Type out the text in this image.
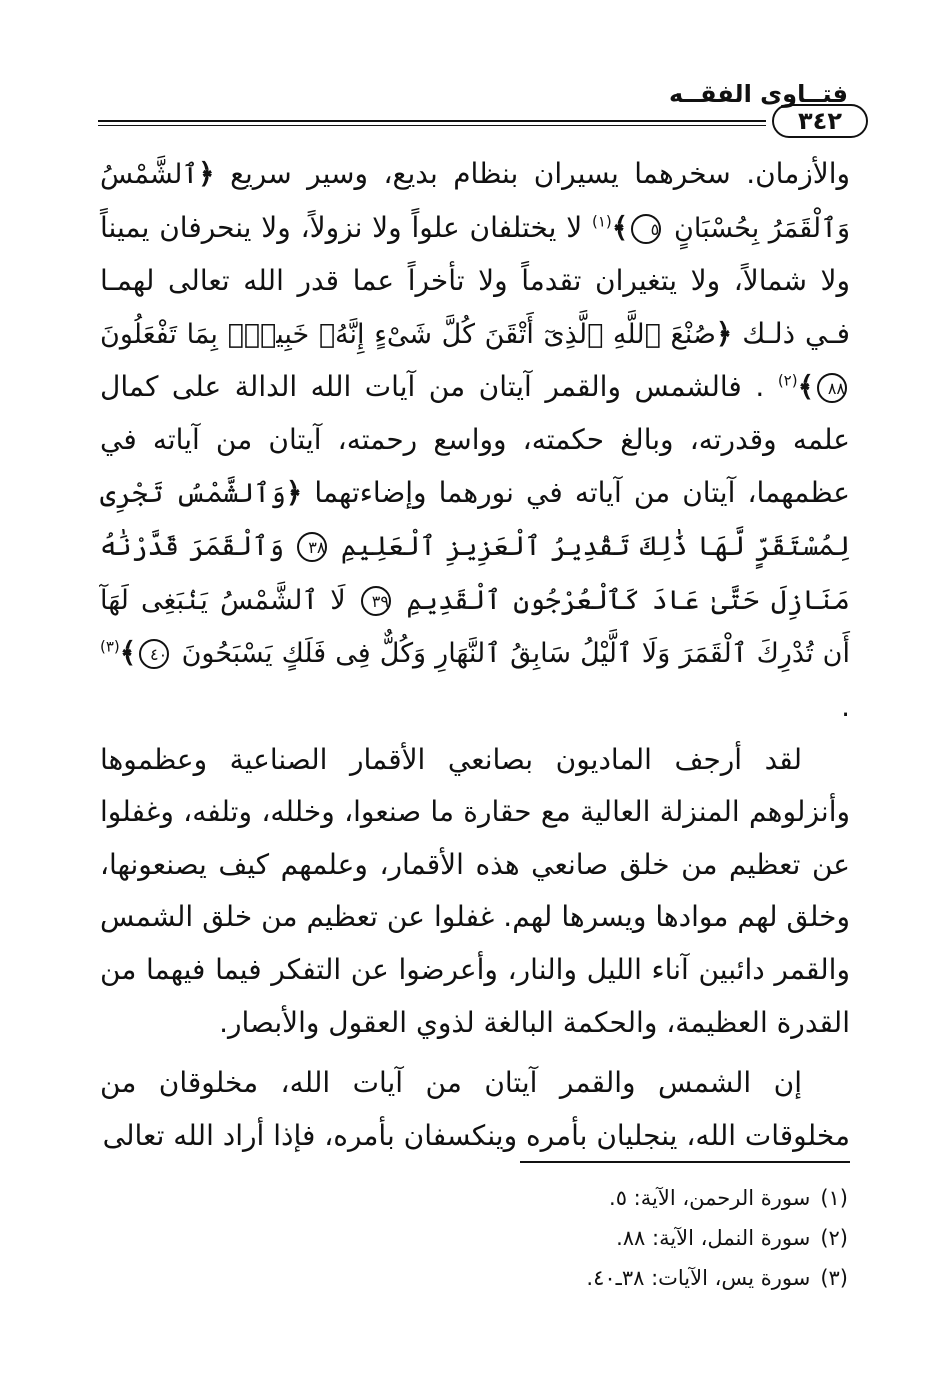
فتــاوى الفقــه
٣٤٢

والأزمان. سخرهما يسيران بنظام بديع، وسير سريع ﴿ٱلشَّمْسُ وَٱلْقَمَرُ بِحُسْبَانٍ ٥﴾$^{(١)}$ لا يختلفان علواً ولا نزولاً، ولا ينحرفان يميناً ولا شمالاً، ولا يتغيران تقدماً ولا تأخراً عما قدر الله تعالى لهمـا فـي ذلـك ﴿صُنْعَ ٱللَّهِ ٱلَّذِىٓ أَتْقَنَ كُلَّ شَىْءٍ إِنَّهُۥ خَبِيرٌۢ بِمَا تَفْعَلُونَ ٨٨﴾$^{(٢)}$ . فالشمس والقمر آيتان من آيات الله الدالة على كمال علمه وقدرته، وبالغ حكمته، وواسع رحمته، آيتان من آياته في عظمهما، آيتان من آياته في نورهما وإضاءتهما ﴿وَٱلشَّمْسُ تَجْرِى لِمُسْتَقَرٍّ لَّهَا ذَٰلِكَ تَقْدِيرُ ٱلْعَزِيزِ ٱلْعَلِيمِ ٣٨ وَٱلْقَمَرَ قَدَّرْنَٰهُ مَنَازِلَ حَتَّىٰ عَادَ كَٱلْعُرْجُونِ ٱلْقَدِيمِ ٣٩ لَا ٱلشَّمْسُ يَنۢبَغِى لَهَآ أَن تُدْرِكَ ٱلْقَمَرَ وَلَا ٱلَّيْلُ سَابِقُ ٱلنَّهَارِ وَكُلٌّ فِى فَلَكٍ يَسْبَحُونَ ٤٠﴾$^{(٣)}$ .

لقد أرجف الماديون بصانعي الأقمار الصناعية وعظموها وأنزلوهم المنزلة العالية مع حقارة ما صنعوا، وخلله، وتلفه، وغفلوا عن تعظيم من خلق صانعي هذه الأقمار، وعلمهم كيف يصنعونها، وخلق لهم موادها ويسرها لهم. غفلوا عن تعظيم من خلق الشمس والقمر دائبين آناء الليل والنار، وأعرضوا عن التفكر فيما فيهما من القدرة العظيمة، والحكمة البالغة لذوي العقول والأبصار.

إن الشمس والقمر آيتان من آيات الله، مخلوقان من مخلوقات الله، ينجليان بأمره وينكسفان بأمره، فإذا أراد الله تعالى

(١)سورة الرحمن، الآية: ٥.
(٢)سورة النمل، الآية: ٨٨.
(٣)سورة يس، الآيات: ٣٨ـ٤٠.
